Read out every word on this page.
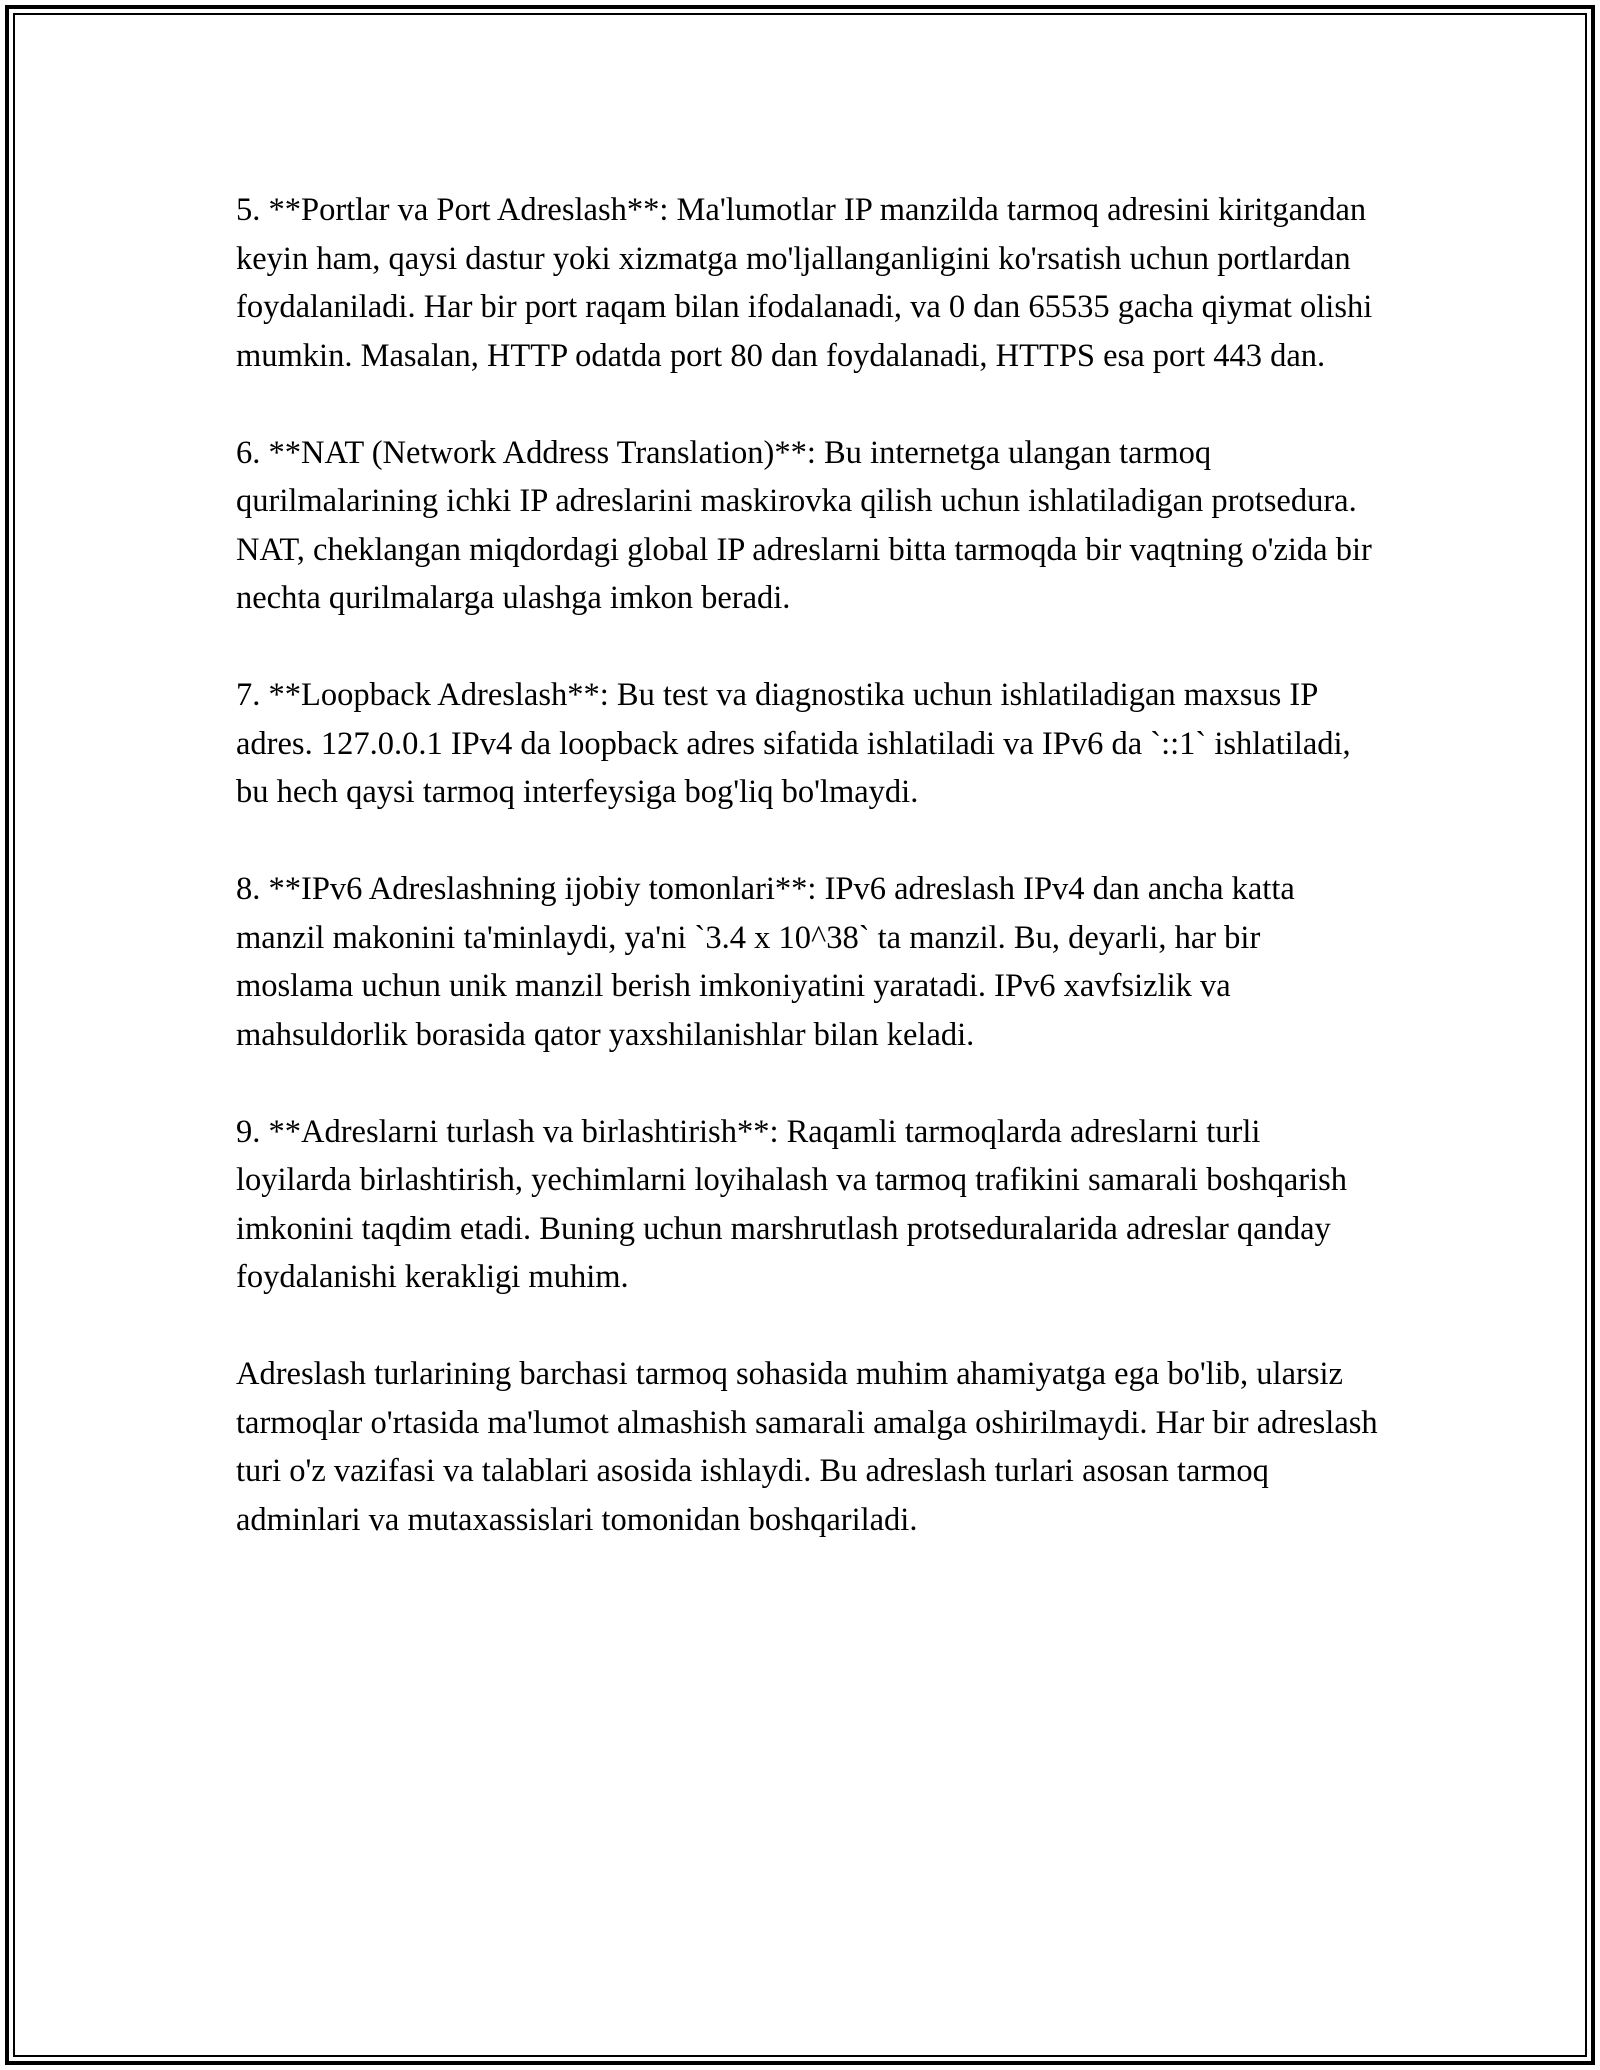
5. **Portlar va Port Adreslash**: Ma'lumotlar IP manzilda tarmoq adresini kiritgandan keyin ham, qaysi dastur yoki xizmatga mo'ljallanganligini ko'rsatish uchun portlardan foydalaniladi. Har bir port raqam bilan ifodalanadi, va 0 dan 65535 gacha qiymat olishi mumkin. Masalan, HTTP odatda port 80 dan foydalanadi, HTTPS esa port 443 dan.

6. **NAT (Network Address Translation)**: Bu internetga ulangan tarmoq qurilmalarining ichki IP adreslarini maskirovka qilish uchun ishlatiladigan protsedura. NAT, cheklangan miqdordagi global IP adreslarni bitta tarmoqda bir vaqtning o'zida bir nechta qurilmalarga ulashga imkon beradi.

7. **Loopback Adreslash**: Bu test va diagnostika uchun ishlatiladigan maxsus IP adres. 127.0.0.1 IPv4 da loopback adres sifatida ishlatiladi va IPv6 da `::1` ishlatiladi, bu hech qaysi tarmoq interfeysiga bog'liq bo'lmaydi.

8. **IPv6 Adreslashning ijobiy tomonlari**: IPv6 adreslash IPv4 dan ancha katta manzil makonini ta'minlaydi, ya'ni `3.4 x 10^38` ta manzil. Bu, deyarli, har bir moslama uchun unik manzil berish imkoniyatini yaratadi. IPv6 xavfsizlik va mahsuldorlik borasida qator yaxshilanishlar bilan keladi.

9. **Adreslarni turlash va birlashtirish**: Raqamli tarmoqlarda adreslarni turli loyilarda birlashtirish, yechimlarni loyihalash va tarmoq trafikini samarali boshqarish imkonini taqdim etadi. Buning uchun marshrutlash protseduralarida adreslar qanday foydalanishi kerakligi muhim.

Adreslash turlarining barchasi tarmoq sohasida muhim ahamiyatga ega bo'lib, ularsiz tarmoqlar o'rtasida ma'lumot almashish samarali amalga oshirilmaydi. Har bir adreslash turi o'z vazifasi va talablari asosida ishlaydi. Bu adreslash turlari asosan tarmoq adminlari va mutaxassislari tomonidan boshqariladi.
